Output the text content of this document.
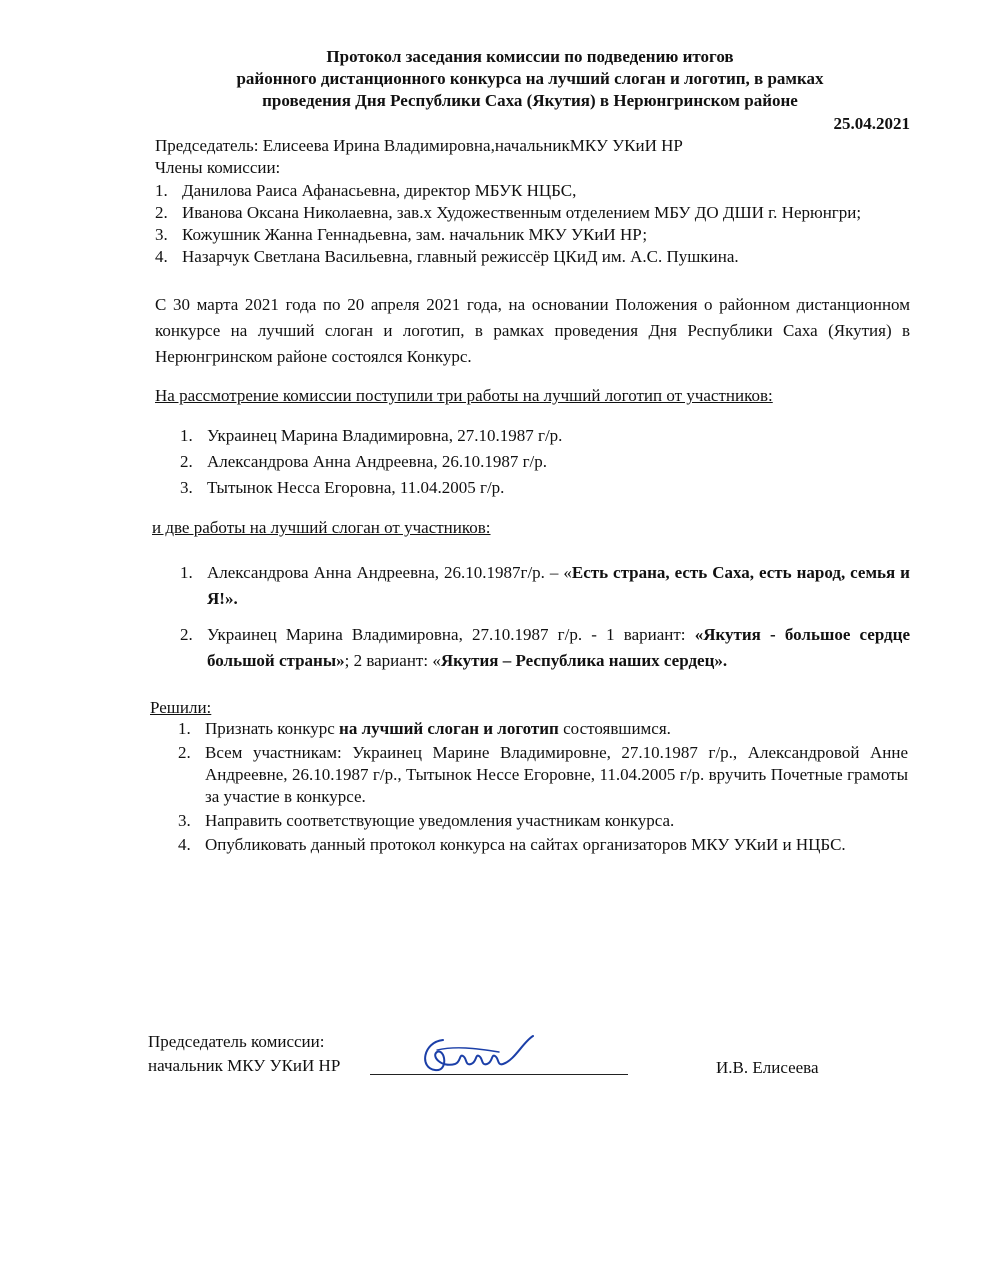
Протокол заседания комиссии по подведению итогов
районного дистанционного конкурса на лучший слоган и логотип, в рамках
проведения Дня Республики Саха (Якутия) в Нерюнгринском районе
25.04.2021
Председатель: Елисеева Ирина Владимировна,начальникМКУ УКиИ НР
Члены комиссии:
1. Данилова Раиса Афанасьевна, директор МБУК НЦБС,
2. Иванова Оксана Николаевна, зав.х Художественным отделением МБУ ДО ДШИ г. Нерюнгри;
3. Кожушник Жанна Геннадьевна, зам. начальник МКУ УКиИ НР;
4. Назарчук Светлана Васильевна, главный режиссёр ЦКиД им. А.С. Пушкина.
С 30 марта 2021 года по 20 апреля 2021 года, на основании Положения о районном дистанционном конкурсе на лучший слоган и логотип, в рамках проведения Дня Республики Саха (Якутия) в Нерюнгринском районе состоялся Конкурс.
На рассмотрение комиссии поступили три работы на лучший логотип от участников:
1. Украинец Марина Владимировна, 27.10.1987 г/р.
2. Александрова Анна Андреевна, 26.10.1987 г/р.
3. Тытынок Несса Егоровна, 11.04.2005 г/р.
и две работы на лучший слоган от участников:
1. Александрова Анна Андреевна, 26.10.1987г/р. – «Есть страна, есть Саха, есть народ, семья и Я!».
2. Украинец Марина Владимировна, 27.10.1987 г/р. - 1 вариант: «Якутия - большое сердце большой страны»; 2 вариант: «Якутия – Республика наших сердец».
Решили:
1. Признать конкурс на лучший слоган и логотип состоявшимся.
2. Всем участникам: Украинец Марине Владимировне, 27.10.1987 г/р., Александровой Анне Андреевне, 26.10.1987 г/р., Тытынок Нессе Егоровне, 11.04.2005 г/р. вручить Почетные грамоты за участие в конкурсе.
3. Направить соответствующие уведомления участникам конкурса.
4. Опубликовать данный протокол конкурса на сайтах организаторов МКУ УКиИ и НЦБС.
Председатель комиссии:
начальник МКУ УКиИ НР	И.В. Елисеева
